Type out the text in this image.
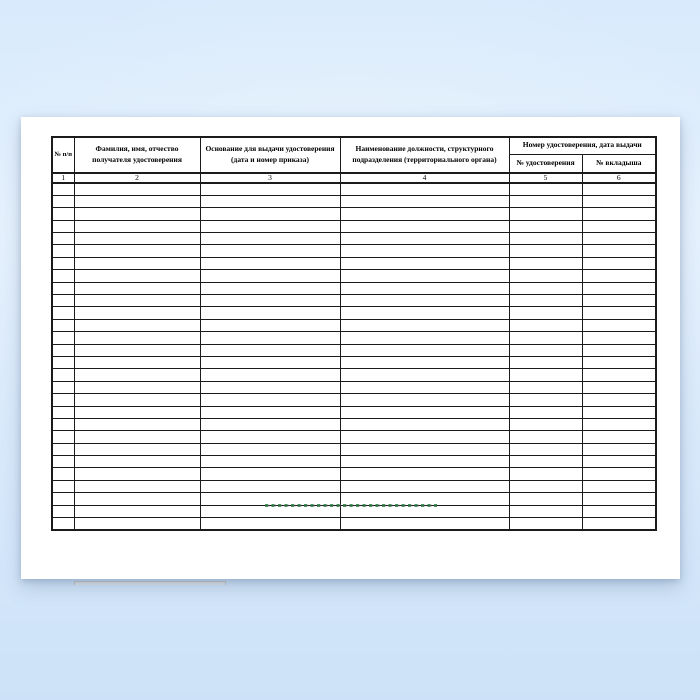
№ п/п	Фамилия, имя, отчество получателя удостоверения	Основание для выдачи удостоверения (дата и номер приказа)	Наименование должности, структурного подразделения (территориального органа)	Номер удостоверения, дата выдачи	
				№ удостоверения	№ вкладыша
1	2	3	4	5	6
